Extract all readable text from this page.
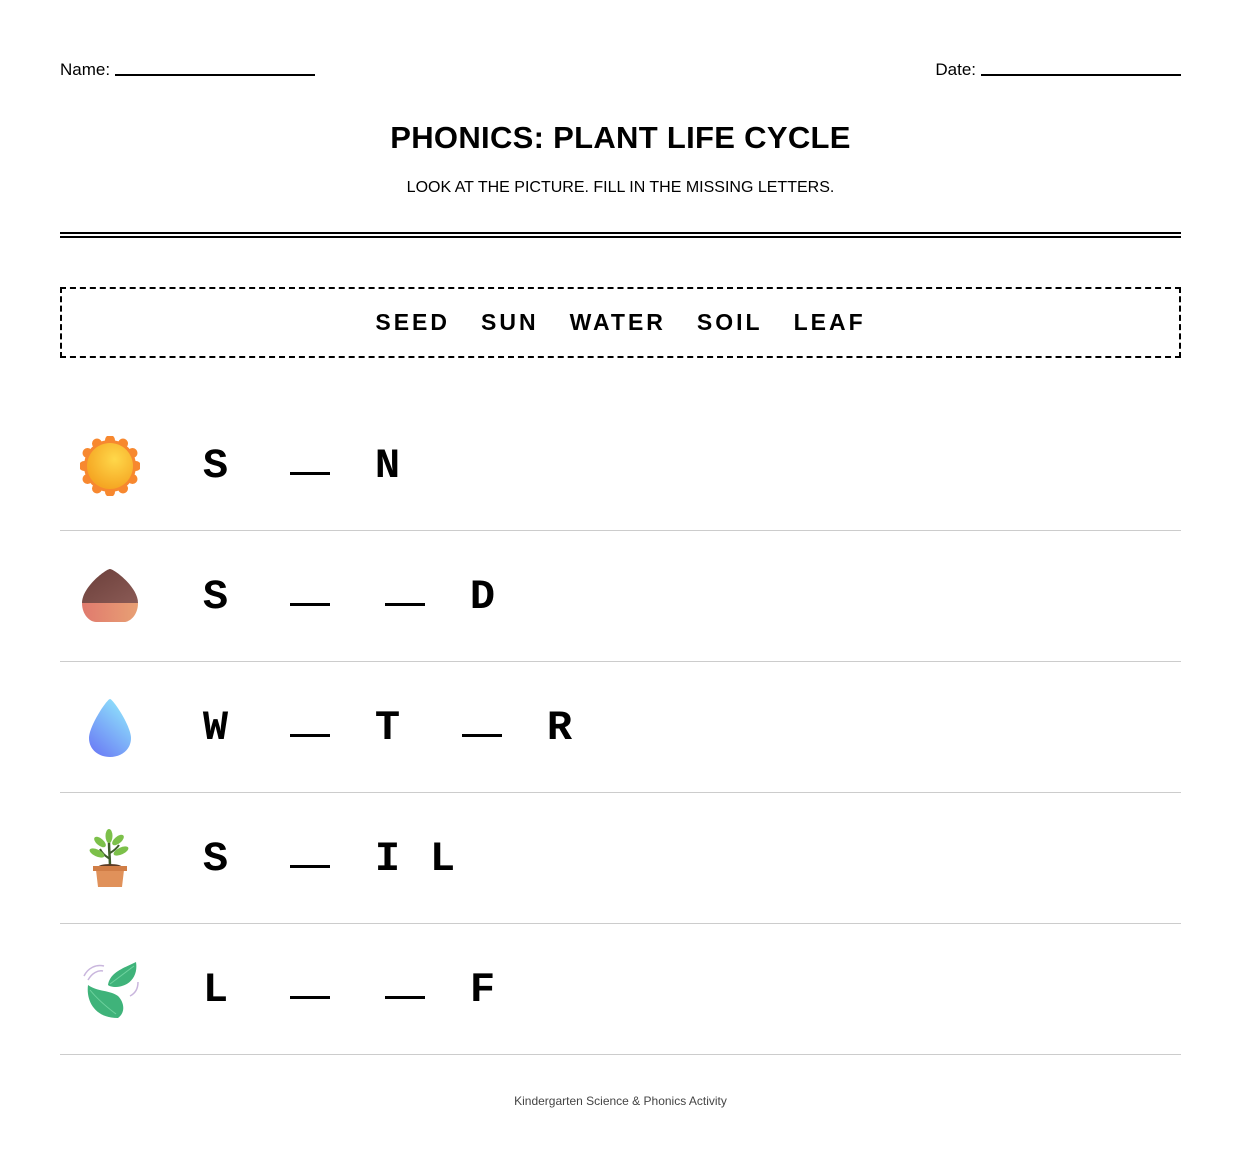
Name:	Date:
PHONICS: PLANT LIFE CYCLE
LOOK AT THE PICTURE. FILL IN THE MISSING LETTERS.
SEED SUN WATER SOIL LEAF
S	N
S	D
W	T	R
S	I L
L	F
Kindergarten Science & Phonics Activity
